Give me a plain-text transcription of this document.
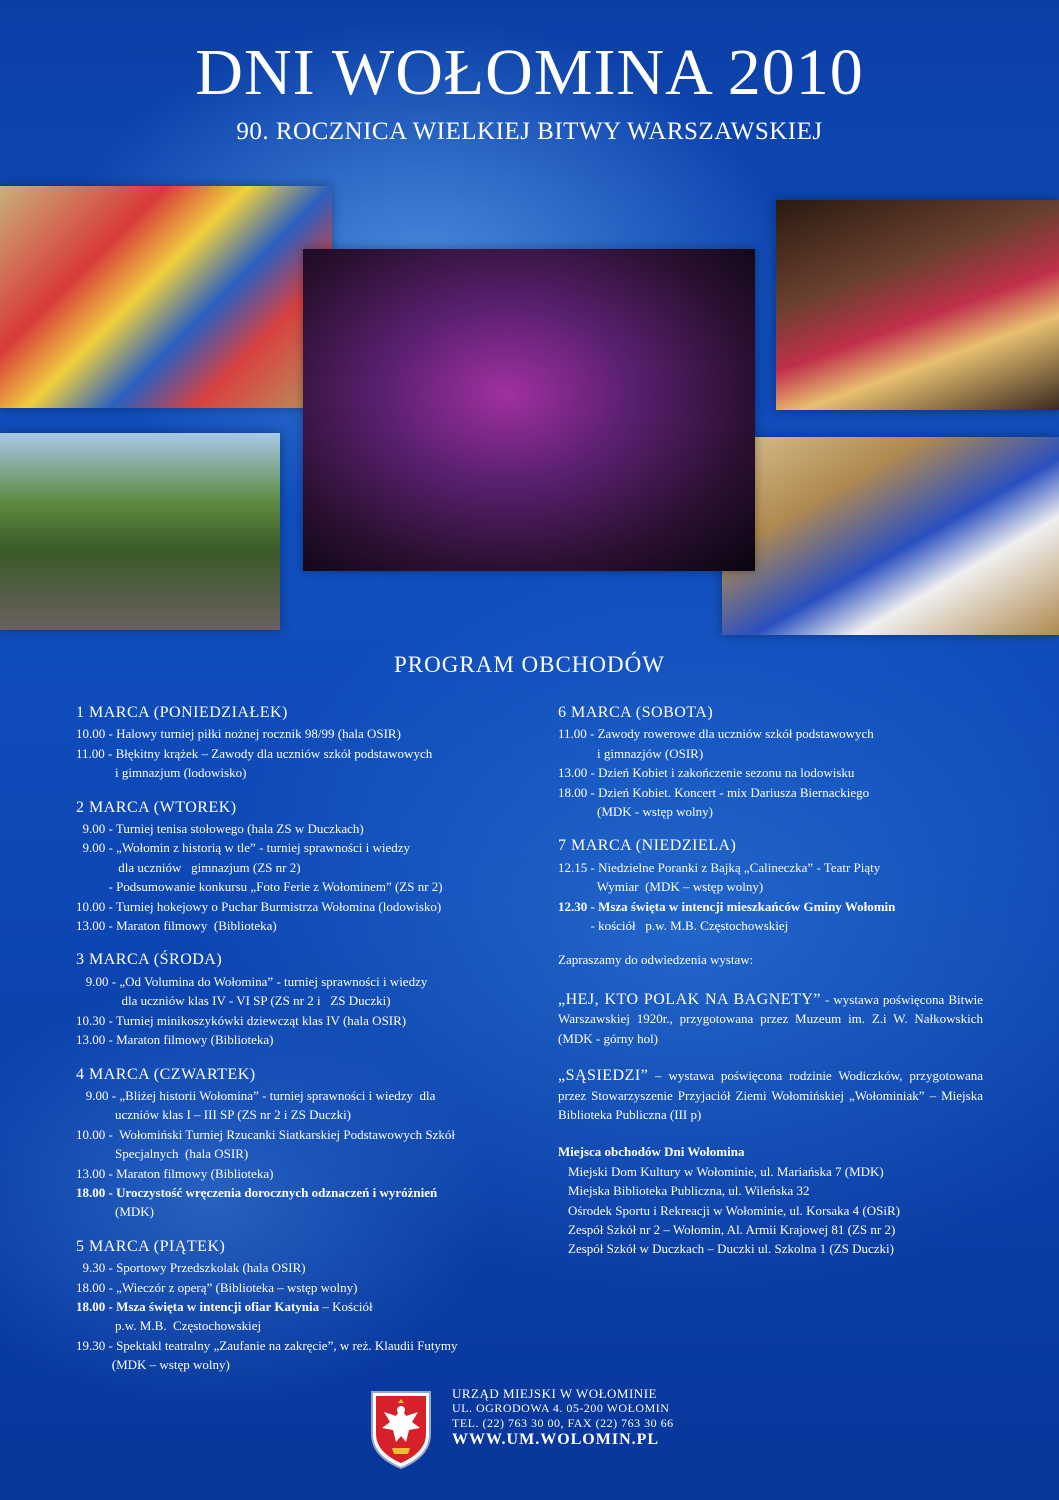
DNI WOŁOMINA 2010
90. ROCZNICA WIELKIEJ BITWY WARSZAWSKIEJ
PROGRAM OBCHODÓW
1 MARCA (PONIEDZIAŁEK)
10.00 - Halowy turniej piłki nożnej rocznik 98/99 (hala OSIR)
11.00 - Błękitny krążek – Zawody dla uczniów szkół podstawowych
i gimnazjum (lodowisko)
2 MARCA (WTOREK)
9.00 - Turniej tenisa stołowego (hala ZS w Duczkach)
9.00 - „Wołomin z historią w tle” - turniej sprawności i wiedzy
dla uczniów   gimnazjum (ZS nr 2)
- Podsumowanie konkursu „Foto Ferie z Wołominem” (ZS nr 2)
10.00 - Turniej hokejowy o Puchar Burmistrza Wołomina (lodowisko)
13.00 - Maraton filmowy  (Biblioteka)
3 MARCA (ŚRODA)
9.00 - „Od Volumina do Wołomina” - turniej sprawności i wiedzy
dla uczniów klas IV - VI SP (ZS nr 2 i   ZS Duczki)
10.30 - Turniej minikoszykówki dziewcząt klas IV (hala OSIR)
13.00 - Maraton filmowy (Biblioteka)
4 MARCA (CZWARTEK)
9.00 - „Bliżej historii Wołomina” - turniej sprawności i wiedzy  dla
uczniów klas I – III SP (ZS nr 2 i ZS Duczki)
10.00 -  Wołomiński Turniej Rzucanki Siatkarskiej Podstawowych Szkół
Specjalnych  (hala OSIR)
13.00 - Maraton filmowy (Biblioteka)
18.00 - Uroczystość wręczenia dorocznych odznaczeń i wyróżnień
(MDK)
5 MARCA (PIĄTEK)
9.30 - Sportowy Przedszkolak (hala OSIR)
18.00 - „Wieczór z operą” (Biblioteka – wstęp wolny)
18.00 - Msza święta w intencji ofiar Katynia – Kościół
p.w. M.B.  Częstochowskiej
19.30 - Spektakl teatralny „Zaufanie na zakręcie”, w reż. Klaudii Futymy
(MDK – wstęp wolny)
6 MARCA (SOBOTA)
11.00 - Zawody rowerowe dla uczniów szkół podstawowych
i gimnazjów (OSIR)
13.00 - Dzień Kobiet i zakończenie sezonu na lodowisku
18.00 - Dzień Kobiet. Koncert - mix Dariusza Biernackiego
(MDK - wstęp wolny)
7 MARCA (NIEDZIELA)
12.15 - Niedzielne Poranki z Bajką „Calineczka” - Teatr Piąty
Wymiar  (MDK – wstęp wolny)
12.30 - Msza święta w intencji mieszkańców Gminy Wołomin
- kościół   p.w. M.B. Częstochowskiej
Zapraszamy do odwiedzenia wystaw:
„HEJ, KTO POLAK NA BAGNETY” - wystawa poświęcona Bitwie Warszawskiej 1920r., przygotowana przez Muzeum im. Z.i W. Nałkowskich (MDK - górny hol)
„SĄSIEDZI” – wystawa poświęcona rodzinie Wodiczków, przygotowana przez Stowarzyszenie Przyjaciół Ziemi Wołomińskiej „Wołominiak” – Miejska Biblioteka Publiczna (III p)
Miejsca obchodów Dni Wołomina
Miejski Dom Kultury w Wołominie, ul. Mariańska 7 (MDK)
Miejska Biblioteka Publiczna, ul. Wileńska 32
Ośrodek Sportu i Rekreacji w Wołominie, ul. Korsaka 4 (OSiR)
Zespół Szkół nr 2 – Wołomin, Al. Armii Krajowej 81 (ZS nr 2)
Zespół Szkół w Duczkach – Duczki ul. Szkolna 1 (ZS Duczki)
URZĄD MIEJSKI W WOŁOMINIE
UL. OGRODOWA 4. 05-200 WOŁOMIN
TEL. (22) 763 30 00, FAX (22) 763 30 66
WWW.UM.WOLOMIN.PL
